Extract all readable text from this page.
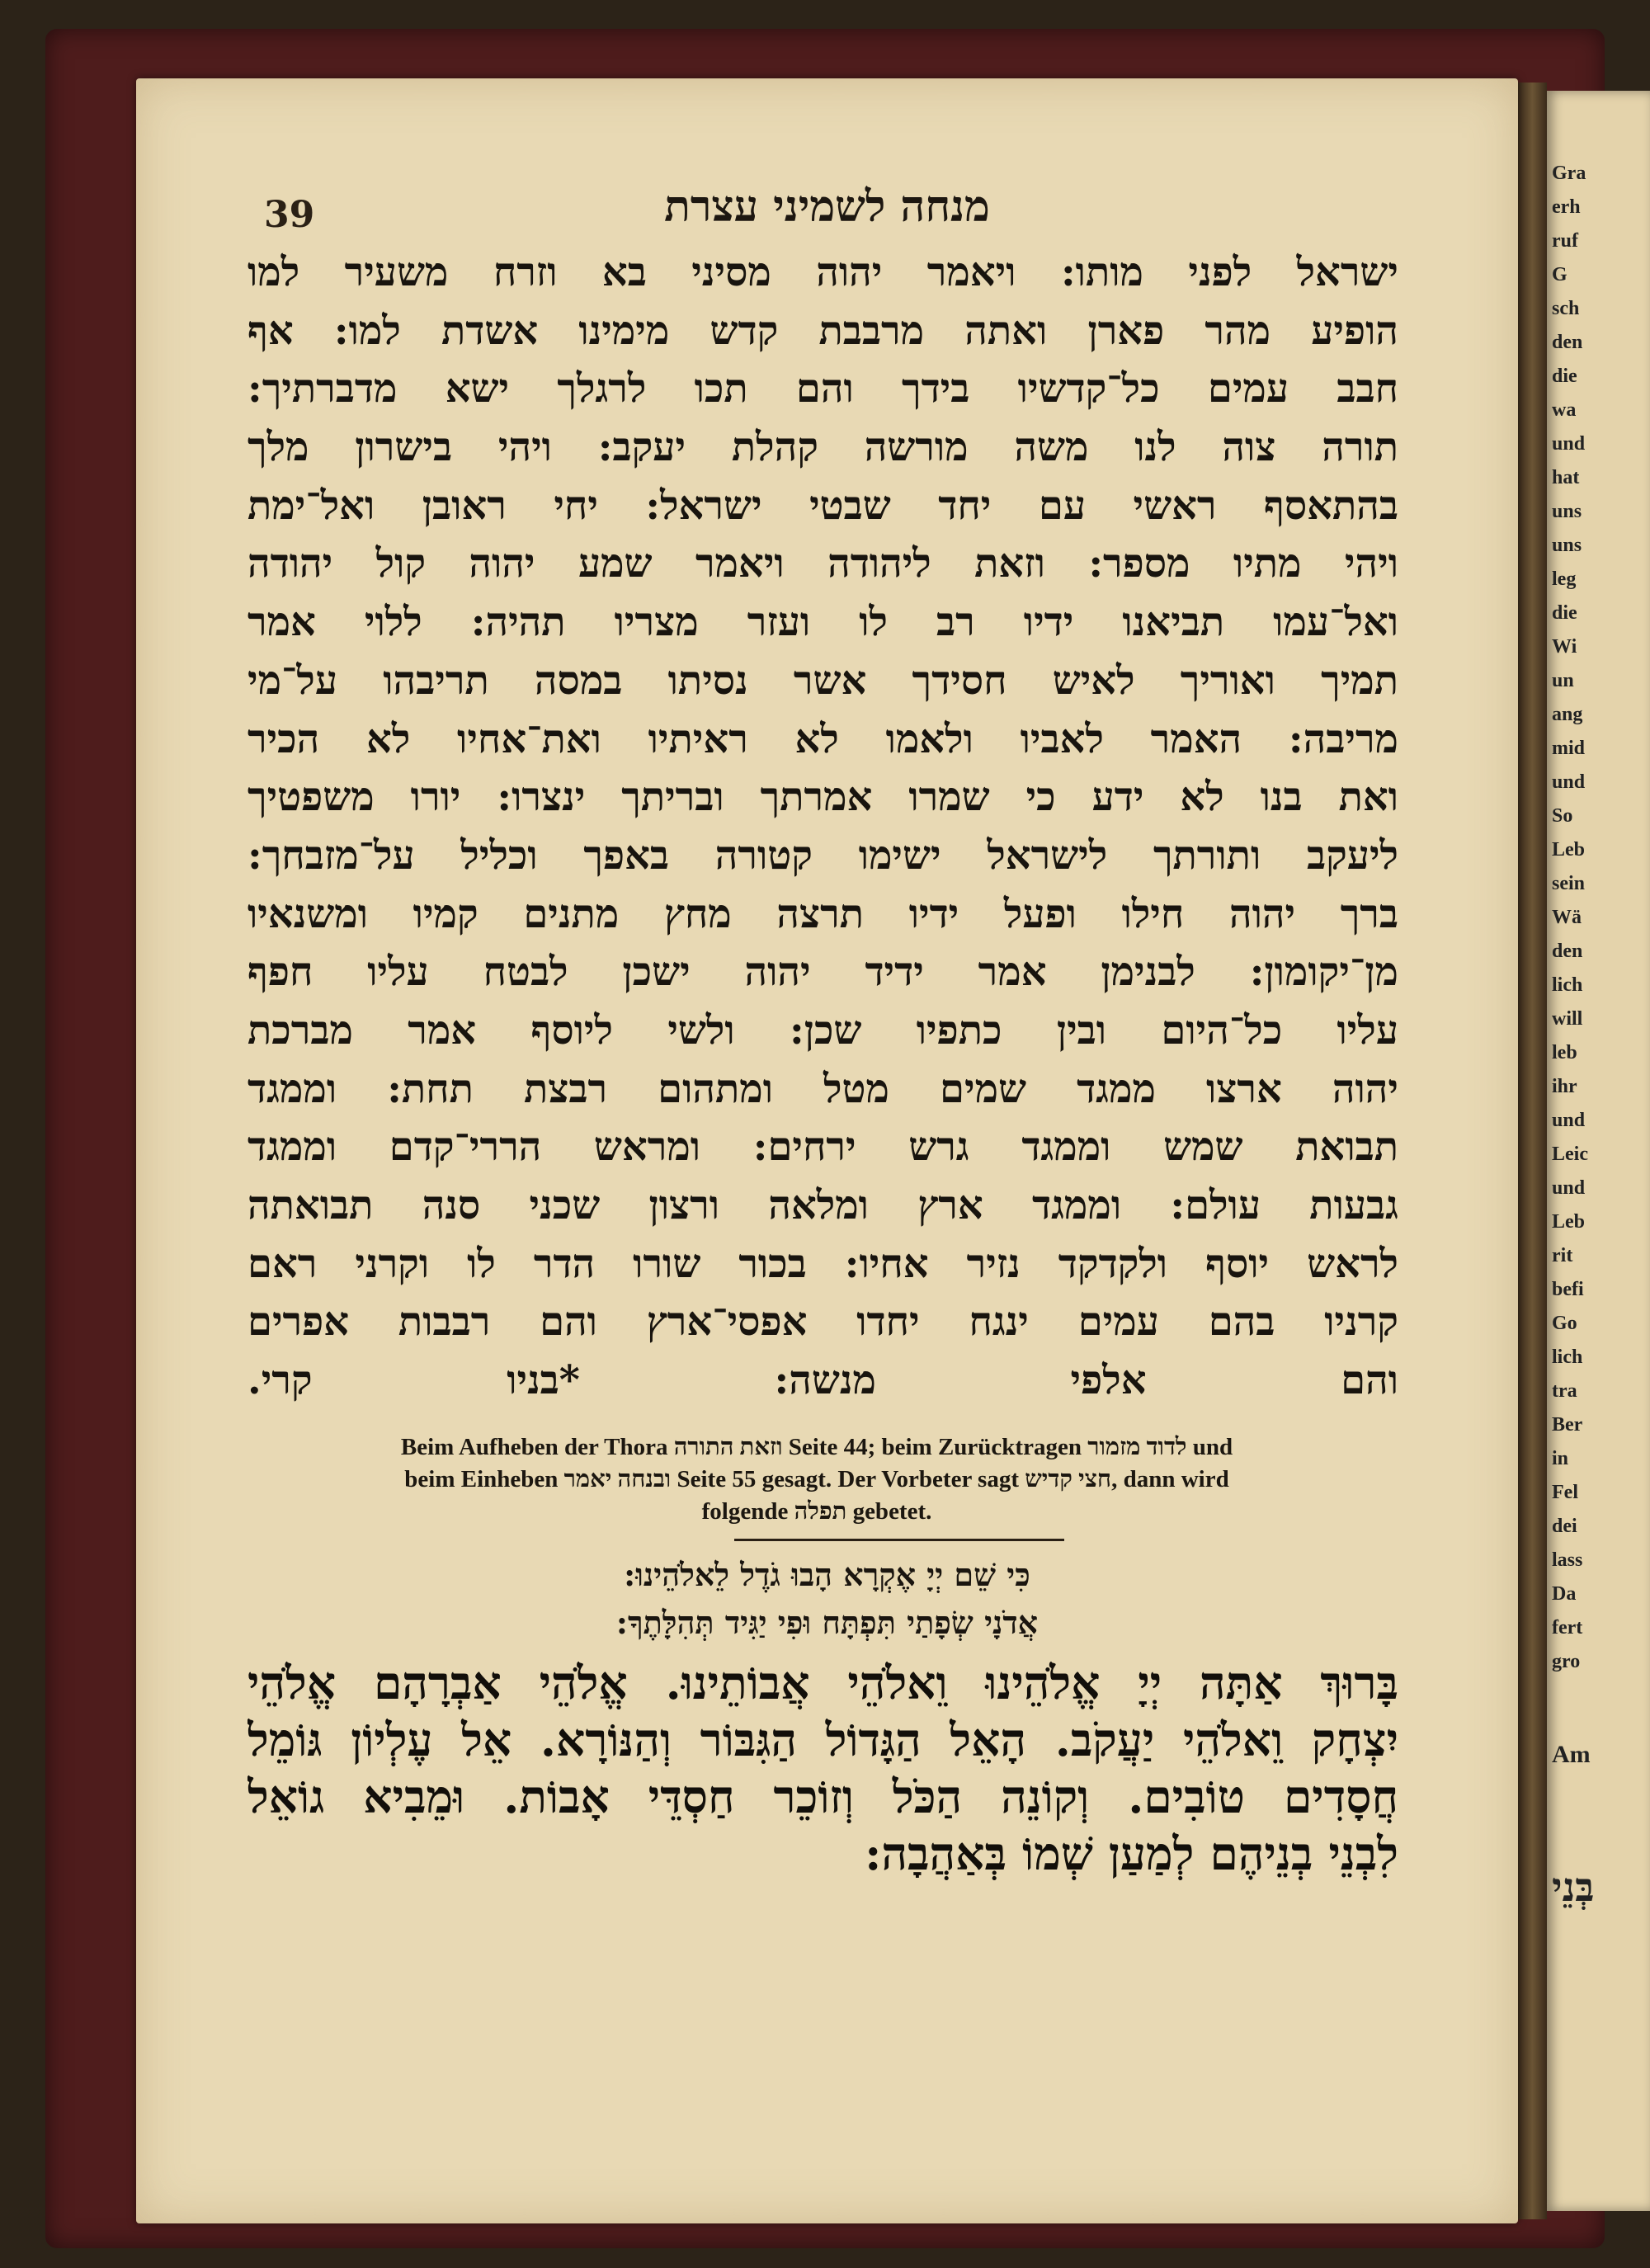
Gra
erh
ruf
G
sch
den
die
wa
und
hat
uns
uns
leg
die
Wi
un
ang
mid
und
So
Leb
sein
Wä
den
lich
will
leb
ihr
und
Leic
und
Leb
rit
befi
Go
lich
tra
Ber
in
Fel
dei
lass
Da
fert
gro
Am
בְּנֵי
39	מנחה לשמיני עצרת
ישראל לפני מותו: ויאמר יהוה מסיני בא וזרח משעיר למו
הופיע מהר פארן ואתה מרבבת קדש מימינו אשדת למו: אף
חבב עמים כל־קדשיו בידך והם תכו לרגלך ישא מדברתיך:
תורה צוה לנו משה מורשה קהלת יעקב: ויהי בישרון מלך
בהתאסף ראשי עם יחד שבטי ישראל: יחי ראובן ואל־ימת
ויהי מתיו מספר: וזאת ליהודה ויאמר שמע יהוה קול יהודה
ואל־עמו תביאנו ידיו רב לו ועזר מצריו תהיה: ללוי אמר
תמיך ואוריך לאיש חסידך אשר נסיתו במסה תריבהו על־מי
מריבה: האמר לאביו ולאמו לא ראיתיו ואת־אחיו לא הכיר
ואת בנו לא ידע כי שמרו אמרתך ובריתך ינצרו: יורו משפטיך
ליעקב ותורתך לישראל ישימו קטורה באפך וכליל על־מזבחך:
ברך יהוה חילו ופעל ידיו תרצה מחץ מתנים קמיו ומשנאיו
מן־יקומון: לבנימן אמר ידיד יהוה ישכן לבטח עליו חפף
עליו כל־היום ובין כתפיו שכן: ולשי ליוסף אמר מברכת
יהוה ארצו ממגד שמים מטל ומתהום רבצת תחת: וממגד
תבואת שמש וממגד גרש ירחים: ומראש הררי־קדם וממגד
גבעות עולם: וממגד ארץ ומלאה ורצון שכני סנה תבואתה
לראש יוסף ולקדקד נזיר אחיו: בכור שורו הדר לו וקרני ראם
קרניו בהם עמים ינגח יחדו אפסי־ארץ והם רבבות אפרים
והם אלפי מנשה: *בניו קרי.
Beim Aufheben der Thora וזאת התורה Seite 44; beim Zurücktragen לדוד מזמור und
beim Einheben ובנחה יאמר Seite 55 gesagt. Der Vorbeter sagt חצי קדיש, dann wird
folgende תפלה gebetet.
כִּי שֵׁם יְיָ אֶקְרָא הָבוּ גֹדֶל לֵאלֹהֵינוּ:
אֲדֹנָי שְׂפָתַי תִּפְתָּח וּפִי יַגִּיד תְּהִלָּתֶךָ:
בָּרוּךְ אַתָּה יְיָ אֱלֹהֵינוּ וֵאלֹהֵי אֲבוֹתֵינוּ. אֱלֹהֵי אַבְרָהָם אֱלֹהֵי
יִצְחָק וֵאלֹהֵי יַעֲקֹב. הָאֵל הַגָּדוֹל הַגִּבּוֹר וְהַנּוֹרָא. אֵל עֶלְיוֹן גּוֹמֵל
חֲסָדִים טוֹבִים. וְקוֹנֵה הַכֹּל וְזוֹכֵר חַסְדֵּי אָבוֹת. וּמֵבִיא גוֹאֵל
לִבְנֵי בְנֵיהֶם לְמַעַן שְׁמוֹ בְּאַהֲבָה:
